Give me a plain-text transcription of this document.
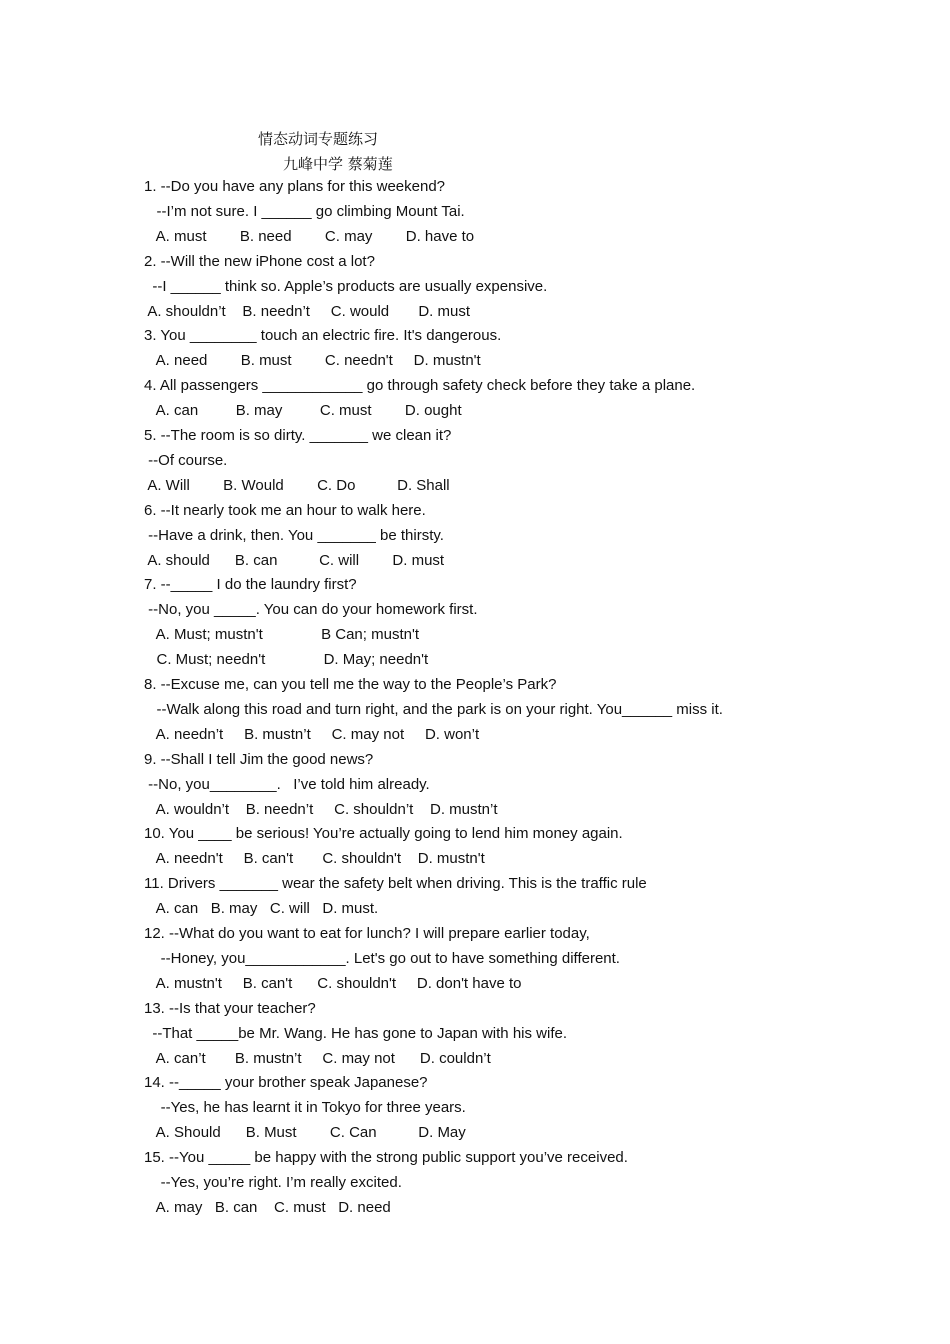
情态动词专题练习
九峰中学 蔡菊莲
1. --Do you have any plans for this weekend?
--I’m not sure. I ______ go climbing Mount Tai.
A. must        B. need        C. may        D. have to
2. --Will the new iPhone cost a lot?
--I ______ think so. Apple’s products are usually expensive.
A. shouldn’t    B. needn’t     C. would       D. must
3. You ________ touch an electric fire. It's dangerous.
A. need        B. must        C. needn't     D. mustn't
4. All passengers ____________ go through safety check before they take a plane.
A. can         B. may         C. must        D. ought
5. --The room is so dirty. _______ we clean it?
--Of course.
A. Will        B. Would        C. Do          D. Shall
6. --It nearly took me an hour to walk here.
--Have a drink, then. You _______ be thirsty.
A. should      B. can          C. will        D. must
7. --_____ I do the laundry first?
--No, you _____. You can do your homework first.
A. Must; mustn't              B Can; mustn't
C. Must; needn't              D. May; needn't
8. --Excuse me, can you tell me the way to the People’s Park?
--Walk along this road and turn right, and the park is on your right. You______ miss it.
A. needn’t     B. mustn’t     C. may not     D. won’t
9. --Shall I tell Jim the good news?
--No, you________.   I’ve told him already.
A. wouldn’t    B. needn’t     C. shouldn’t    D. mustn’t
10. You ____ be serious! You’re actually going to lend him money again.
A. needn't     B. can't       C. shouldn't    D. mustn't
11. Drivers _______ wear the safety belt when driving. This is the traffic rule
A. can   B. may   C. will   D. must.
12. --What do you want to eat for lunch? I will prepare earlier today,
--Honey, you____________. Let's go out to have something different.
A. mustn't     B. can't      C. shouldn't     D. don't have to
13. --Is that your teacher?
--That _____be Mr. Wang. He has gone to Japan with his wife.
A. can’t       B. mustn’t     C. may not      D. couldn’t
14. --_____ your brother speak Japanese?
--Yes, he has learnt it in Tokyo for three years.
A. Should      B. Must        C. Can          D. May
15. --You _____ be happy with the strong public support you’ve received.
--Yes, you’re right. I’m really excited.
A. may   B. can    C. must   D. need
